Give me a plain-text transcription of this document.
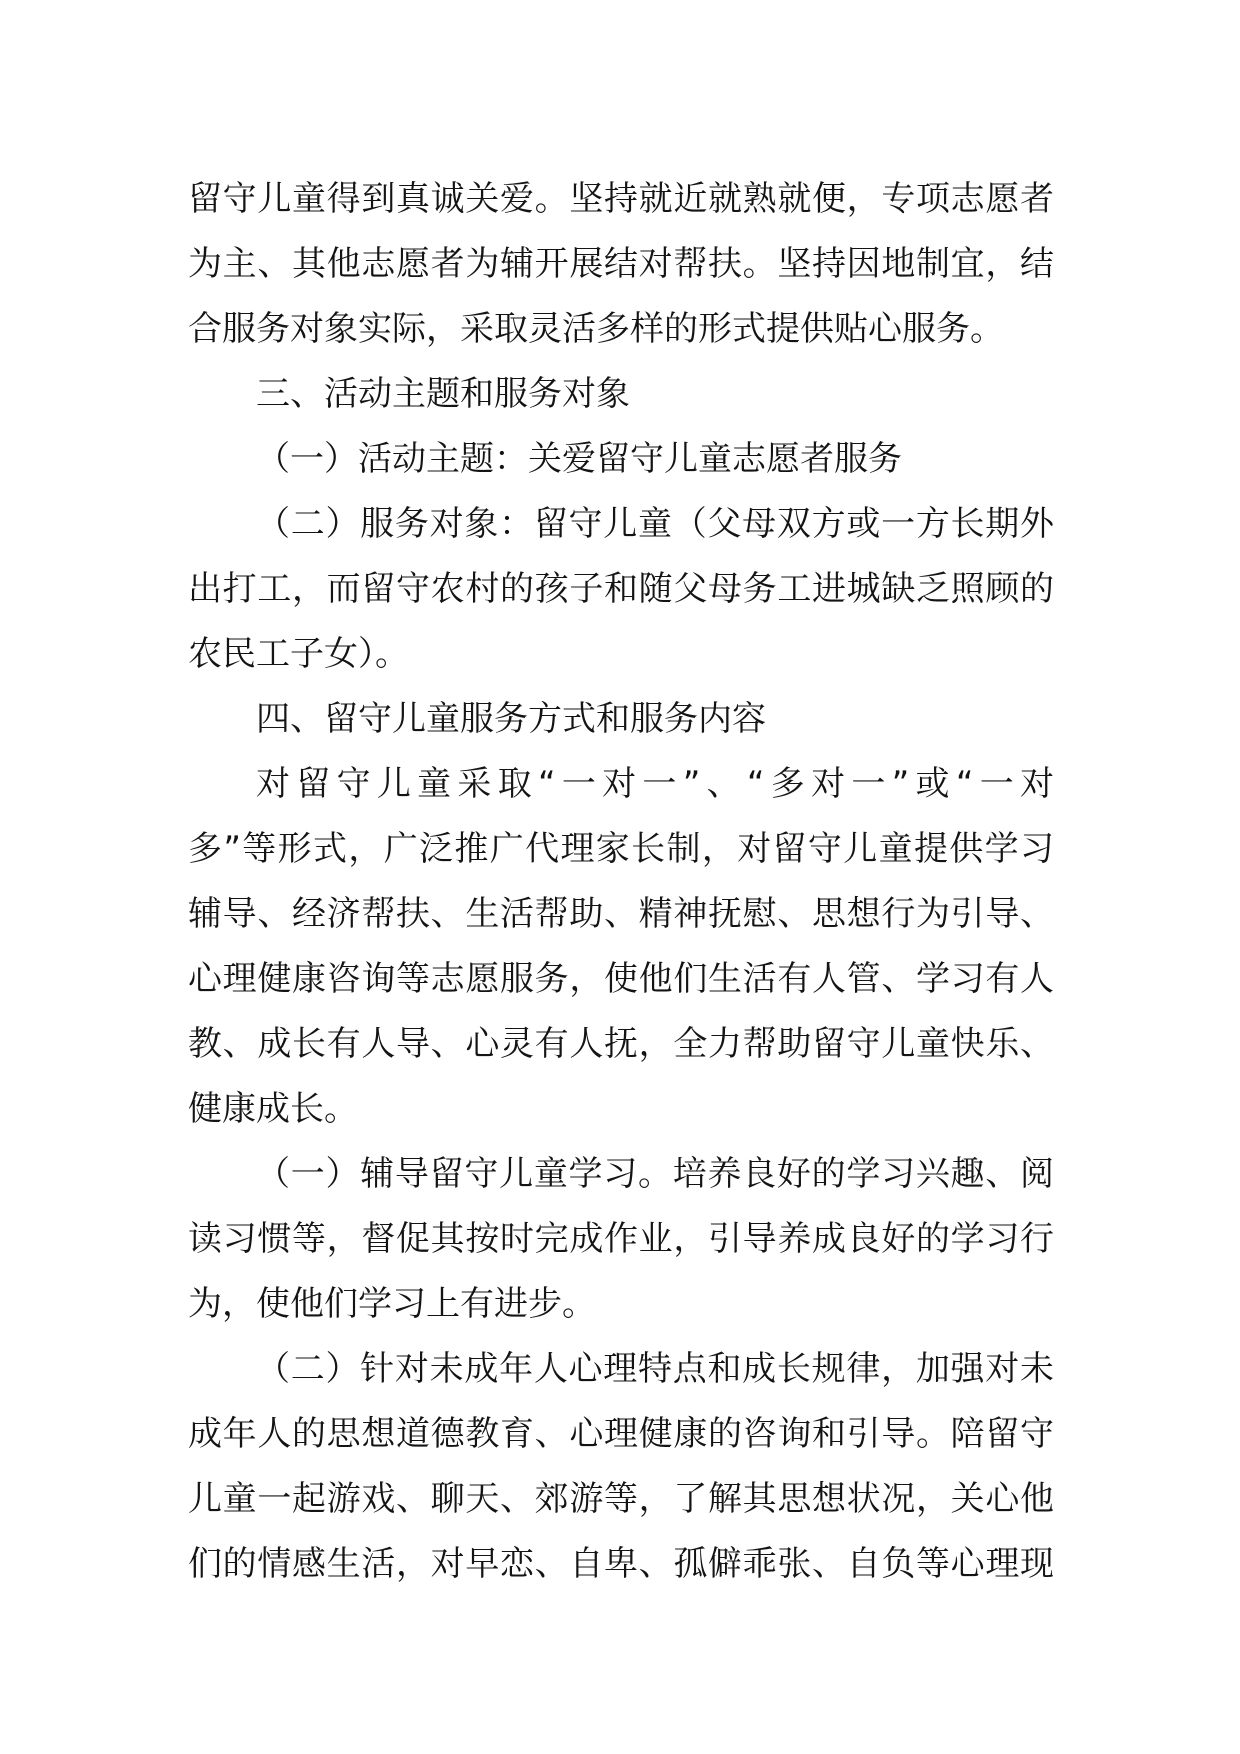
留守儿童得到真诚关爱。坚持就近就熟就便，专项志愿者
为主、其他志愿者为辅开展结对帮扶。坚持因地制宜，结
合服务对象实际，采取灵活多样的形式提供贴心服务。
三、活动主题和服务对象
（一）活动主题：关爱留守儿童志愿者服务
（二）服务对象：留守儿童（父母双方或一方长期外
出打工，而留守农村的孩子和随父母务工进城缺乏照顾的
农民工子女）。
四、留守儿童服务方式和服务内容
对留守儿童采取“一对一”、“多对一”或“一对
多”等形式，广泛推广代理家长制，对留守儿童提供学习
辅导、经济帮扶、生活帮助、精神抚慰、思想行为引导、
心理健康咨询等志愿服务，使他们生活有人管、学习有人
教、成长有人导、心灵有人抚，全力帮助留守儿童快乐、
健康成长。
（一）辅导留守儿童学习。培养良好的学习兴趣、阅
读习惯等，督促其按时完成作业，引导养成良好的学习行
为，使他们学习上有进步。
（二）针对未成年人心理特点和成长规律，加强对未
成年人的思想道德教育、心理健康的咨询和引导。陪留守
儿童一起游戏、聊天、郊游等，了解其思想状况，关心他
们的情感生活，对早恋、自卑、孤僻乖张、自负等心理现
